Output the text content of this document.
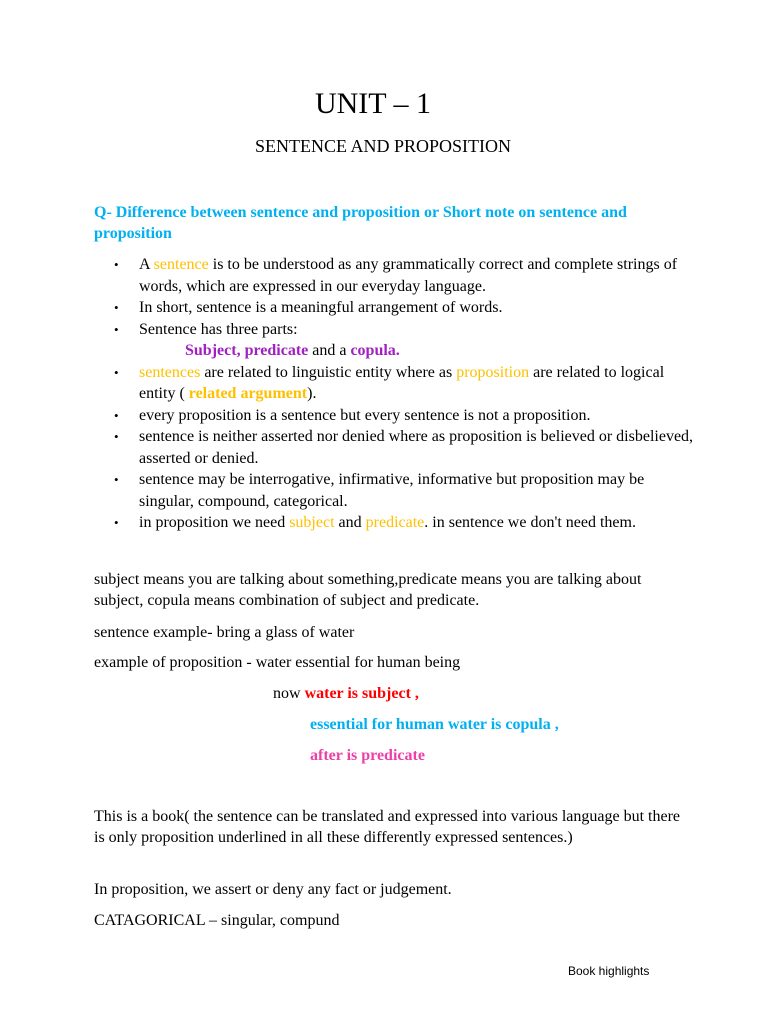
UNIT – 1
SENTENCE AND PROPOSITION
Q- Difference between sentence and proposition or Short note on sentence and proposition
• A sentence is to be understood as any grammatically correct and complete strings of words, which are expressed in our everyday language.
• In short, sentence is a meaningful arrangement of words.
• Sentence has three parts:
Subject, predicate and a copula.
• sentences are related to linguistic entity where as proposition are related to logical entity ( related argument).
• every proposition is a sentence but every sentence is not a proposition.
• sentence is neither asserted nor denied where as proposition is believed or disbelieved, asserted or denied.
• sentence may be interrogative, infirmative, informative but proposition may be singular, compound, categorical.
• in proposition we need subject and predicate. in sentence we don't need them.
subject means you are talking about something,predicate means you are talking about subject, copula means combination of subject and predicate.
sentence example- bring a glass of water
example of proposition - water essential for human being
now water is subject ,
essential for human water is copula ,
after is predicate
This is a book( the sentence can be translated and expressed into various language but there is only proposition underlined in all these differently expressed sentences.)
In proposition, we assert or deny any fact or judgement.
CATAGORICAL – singular, compund
Book highlights
